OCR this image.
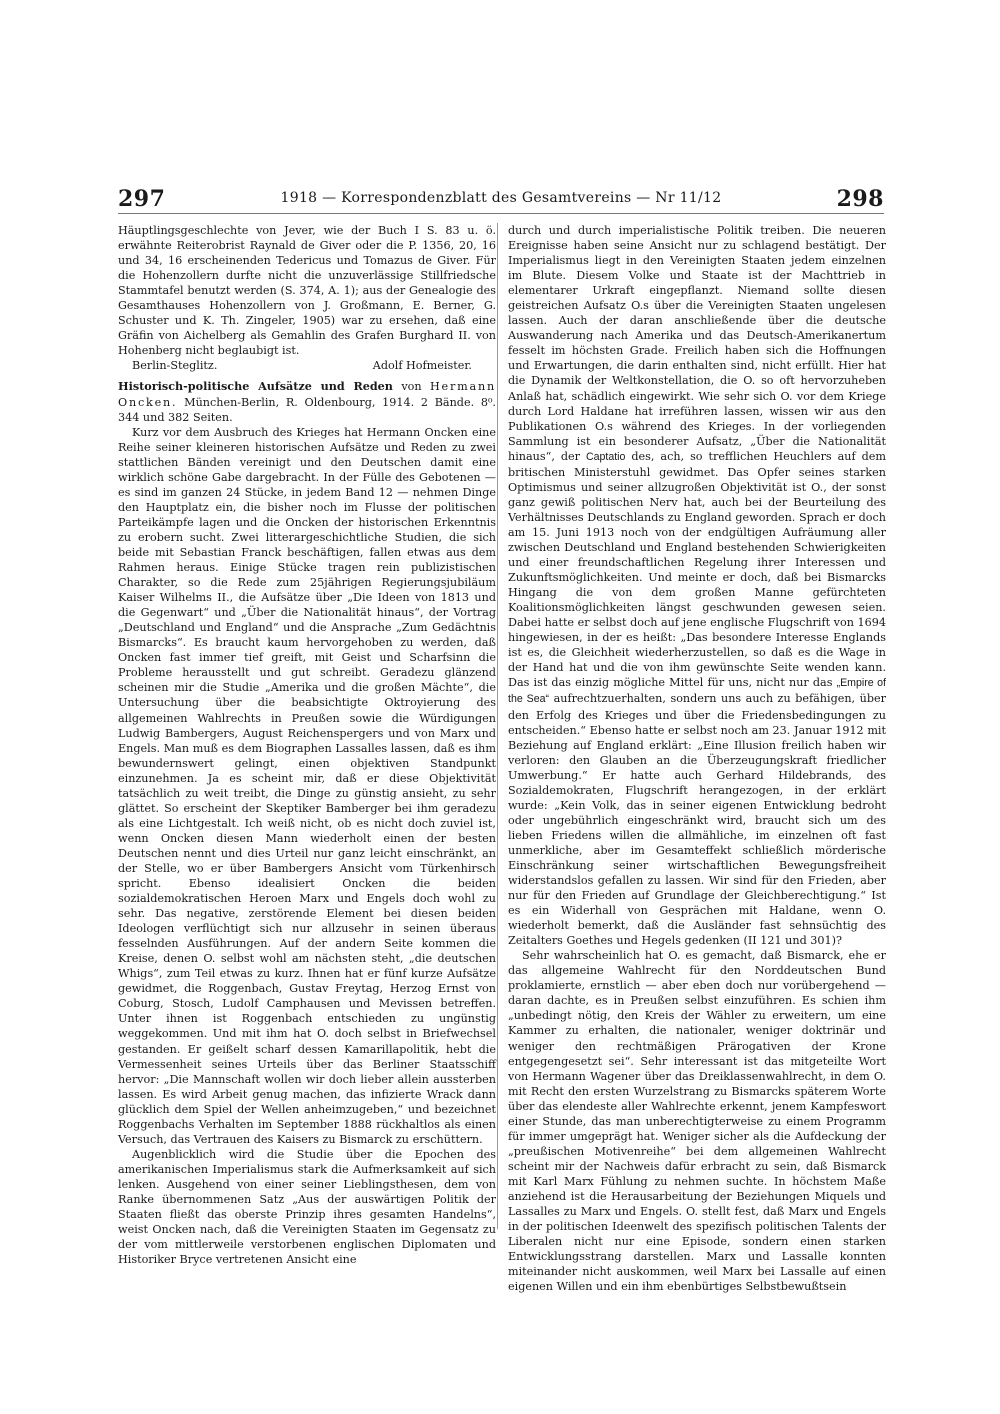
297	1918 — Korrespondenzblatt des Gesamtvereins — Nr 11/12	298

Häuptlingsgeschlechte von Jever, wie der Buch I S. 83 u. ö. erwähnte Reiterobrist Raynald de Giver oder die P. 1356, 20, 16 und 34, 16 erscheinenden Tedericus und Tomazus de Giver. Für die Hohenzollern durfte nicht die unzuverlässige Stillfriedsche Stammtafel benutzt werden (S. 374, A. 1); aus der Genealogie des Gesamthauses Hohenzollern von J. Großmann, E. Berner, G. Schuster und K. Th. Zingeler, 1905) war zu ersehen, daß eine Gräfin von Aichelberg als Gemahlin des Grafen Burghard II. von Hohenberg nicht beglaubigt ist.

Berlin-Steglitz.	Adolf Hofmeister.

Historisch-politische Aufsätze und Reden von Hermann Oncken. München-Berlin, R. Oldenbourg, 1914. 2 Bände. 8⁰. 344 und 382 Seiten.

Kurz vor dem Ausbruch des Krieges hat Hermann Oncken eine Reihe seiner kleineren historischen Aufsätze und Reden zu zwei stattlichen Bänden vereinigt und den Deutschen damit eine wirklich schöne Gabe dargebracht. In der Fülle des Gebotenen — es sind im ganzen 24 Stücke, in jedem Band 12 — nehmen Dinge den Hauptplatz ein, die bisher noch im Flusse der politischen Parteikämpfe lagen und die Oncken der historischen Erkenntnis zu erobern sucht. Zwei litterargeschichtliche Studien, die sich beide mit Sebastian Franck beschäftigen, fallen etwas aus dem Rahmen heraus. Einige Stücke tragen rein publizistischen Charakter, so die Rede zum 25jährigen Regierungsjubiläum Kaiser Wilhelms II., die Aufsätze über „Die Ideen von 1813 und die Gegenwart“ und „Über die Nationalität hinaus“, der Vortrag „Deutschland und England“ und die Ansprache „Zum Gedächtnis Bismarcks“. Es braucht kaum hervorgehoben zu werden, daß Oncken fast immer tief greift, mit Geist und Scharfsinn die Probleme herausstellt und gut schreibt. Geradezu glänzend scheinen mir die Studie „Amerika und die großen Mächte“, die Untersuchung über die beabsichtigte Oktroyierung des allgemeinen Wahlrechts in Preußen sowie die Würdigungen Ludwig Bambergers, August Reichenspergers und von Marx und Engels. Man muß es dem Biographen Lassalles lassen, daß es ihm bewundernswert gelingt, einen objektiven Standpunkt einzunehmen. Ja es scheint mir, daß er diese Objektivität tatsächlich zu weit treibt, die Dinge zu günstig ansieht, zu sehr glättet. So erscheint der Skeptiker Bamberger bei ihm geradezu als eine Lichtgestalt. Ich weiß nicht, ob es nicht doch zuviel ist, wenn Oncken diesen Mann wiederholt einen der besten Deutschen nennt und dies Urteil nur ganz leicht einschränkt, an der Stelle, wo er über Bambergers Ansicht vom Türkenhirsch spricht. Ebenso idealisiert Oncken die beiden sozialdemokratischen Heroen Marx und Engels doch wohl zu sehr. Das negative, zerstörende Element bei diesen beiden Ideologen verflüchtigt sich nur allzusehr in seinen überaus fesselnden Ausführungen. Auf der andern Seite kommen die Kreise, denen O. selbst wohl am nächsten steht, „die deutschen Whigs“, zum Teil etwas zu kurz. Ihnen hat er fünf kurze Aufsätze gewidmet, die Roggenbach, Gustav Freytag, Herzog Ernst von Coburg, Stosch, Ludolf Camphausen und Mevissen betreffen. Unter ihnen ist Roggenbach entschieden zu ungünstig weggekommen. Und mit ihm hat O. doch selbst in Briefwechsel gestanden. Er geißelt scharf dessen Kamarillapolitik, hebt die Vermessenheit seines Urteils über das Berliner Staatsschiff hervor: „Die Mannschaft wollen wir doch lieber allein aussterben lassen. Es wird Arbeit genug machen, das infizierte Wrack dann glücklich dem Spiel der Wellen anheimzugeben,“ und bezeichnet Roggenbachs Verhalten im September 1888 rückhaltlos als einen Versuch, das Vertrauen des Kaisers zu Bismarck zu erschüttern.

Augenblicklich wird die Studie über die Epochen des amerikanischen Imperialismus stark die Aufmerksamkeit auf sich lenken. Ausgehend von einer seiner Lieblingsthesen, dem von Ranke übernommenen Satz „Aus der auswärtigen Politik der Staaten fließt das oberste Prinzip ihres gesamten Handelns“, weist Oncken nach, daß die Vereinigten Staaten im Gegensatz zu der vom mittlerweile verstorbenen englischen Diplomaten und Historiker Bryce vertretenen Ansicht eine

durch und durch imperialistische Politik treiben. Die neueren Ereignisse haben seine Ansicht nur zu schlagend bestätigt. Der Imperialismus liegt in den Vereinigten Staaten jedem einzelnen im Blute. Diesem Volke und Staate ist der Machttrieb in elementarer Urkraft eingepflanzt. Niemand sollte diesen geistreichen Aufsatz O.s über die Vereinigten Staaten ungelesen lassen. Auch der daran anschließende über die deutsche Auswanderung nach Amerika und das Deutsch-Amerikanertum fesselt im höchsten Grade. Freilich haben sich die Hoffnungen und Erwartungen, die darin enthalten sind, nicht erfüllt. Hier hat die Dynamik der Weltkonstellation, die O. so oft hervorzuheben Anlaß hat, schädlich eingewirkt. Wie sehr sich O. vor dem Kriege durch Lord Haldane hat irreführen lassen, wissen wir aus den Publikationen O.s während des Krieges. In der vorliegenden Sammlung ist ein besonderer Aufsatz, „Über die Nationalität hinaus“, der Captatio des, ach, so trefflichen Heuchlers auf dem britischen Ministerstuhl gewidmet. Das Opfer seines starken Optimismus und seiner allzugroßen Objektivität ist O., der sonst ganz gewiß politischen Nerv hat, auch bei der Beurteilung des Verhältnisses Deutschlands zu England geworden. Sprach er doch am 15. Juni 1913 noch von der endgültigen Aufräumung aller zwischen Deutschland und England bestehenden Schwierigkeiten und einer freundschaftlichen Regelung ihrer Interessen und Zukunftsmöglichkeiten. Und meinte er doch, daß bei Bismarcks Hingang die von dem großen Manne gefürchteten Koalitionsmöglichkeiten längst geschwunden gewesen seien. Dabei hatte er selbst doch auf jene englische Flugschrift von 1694 hingewiesen, in der es heißt: „Das besondere Interesse Englands ist es, die Gleichheit wiederherzustellen, so daß es die Wage in der Hand hat und die von ihm gewünschte Seite wenden kann. Das ist das einzig mögliche Mittel für uns, nicht nur das „Empire of the Sea“ aufrechtzuerhalten, sondern uns auch zu befähigen, über den Erfolg des Krieges und über die Friedensbedingungen zu entscheiden.“ Ebenso hatte er selbst noch am 23. Januar 1912 mit Beziehung auf England erklärt: „Eine Illusion freilich haben wir verloren: den Glauben an die Überzeugungskraft friedlicher Umwerbung.“ Er hatte auch Gerhard Hildebrands, des Sozialdemokraten, Flugschrift herangezogen, in der erklärt wurde: „Kein Volk, das in seiner eigenen Entwicklung bedroht oder ungebührlich eingeschränkt wird, braucht sich um des lieben Friedens willen die allmähliche, im einzelnen oft fast unmerkliche, aber im Gesamteffekt schließlich mörderische Einschränkung seiner wirtschaftlichen Bewegungsfreiheit widerstandslos gefallen zu lassen. Wir sind für den Frieden, aber nur für den Frieden auf Grundlage der Gleichberechtigung.“ Ist es ein Widerhall von Gesprächen mit Haldane, wenn O. wiederholt bemerkt, daß die Ausländer fast sehnsüchtig des Zeitalters Goethes und Hegels gedenken (II 121 und 301)?

Sehr wahrscheinlich hat O. es gemacht, daß Bismarck, ehe er das allgemeine Wahlrecht für den Norddeutschen Bund proklamierte, ernstlich — aber eben doch nur vorübergehend — daran dachte, es in Preußen selbst einzuführen. Es schien ihm „unbedingt nötig, den Kreis der Wähler zu erweitern, um eine Kammer zu erhalten, die nationaler, weniger doktrinär und weniger den rechtmäßigen Prärogativen der Krone entgegengesetzt sei“. Sehr interessant ist das mitgeteilte Wort von Hermann Wagener über das Dreiklassenwahlrecht, in dem O. mit Recht den ersten Wurzelstrang zu Bismarcks späterem Worte über das elendeste aller Wahlrechte erkennt, jenem Kampfeswort einer Stunde, das man unberechtigterweise zu einem Programm für immer umgeprägt hat. Weniger sicher als die Aufdeckung der „preußischen Motivenreihe“ bei dem allgemeinen Wahlrecht scheint mir der Nachweis dafür erbracht zu sein, daß Bismarck mit Karl Marx Fühlung zu nehmen suchte. In höchstem Maße anziehend ist die Herausarbeitung der Beziehungen Miquels und Lassalles zu Marx und Engels. O. stellt fest, daß Marx und Engels in der politischen Ideenwelt des spezifisch politischen Talents der Liberalen nicht nur eine Episode, sondern einen starken Entwicklungsstrang darstellen. Marx und Lassalle konnten miteinander nicht auskommen, weil Marx bei Lassalle auf einen eigenen Willen und ein ihm ebenbürtiges Selbstbewußtsein
